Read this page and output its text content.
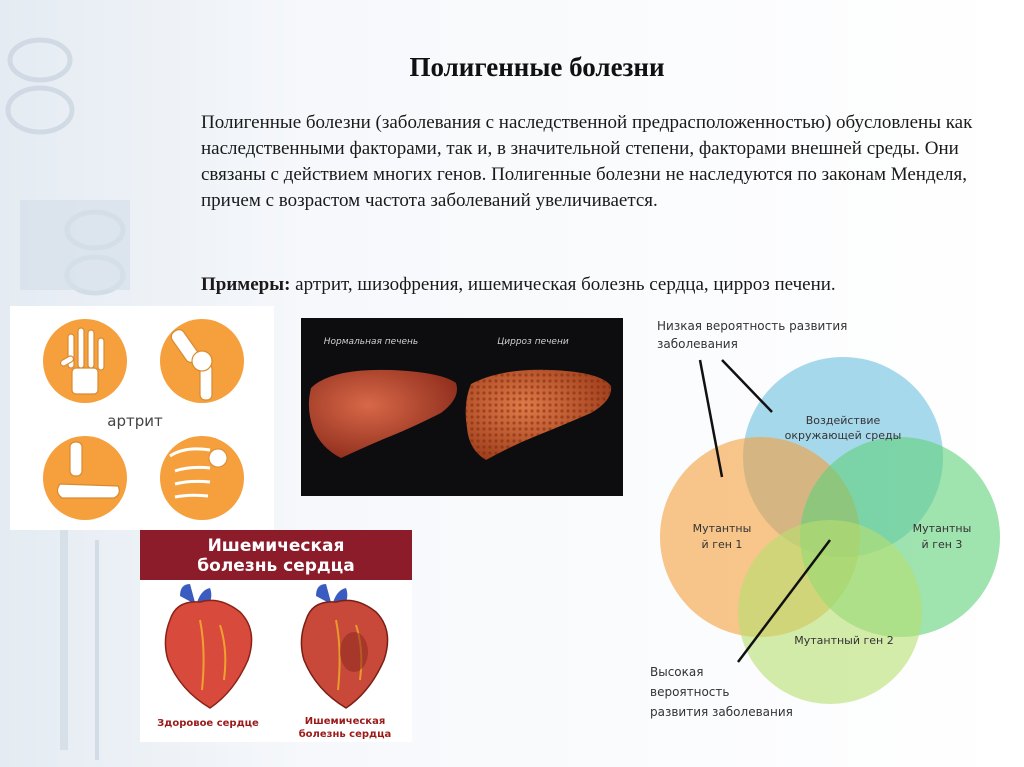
Полигенные болезни
Полигенные болезни (заболевания с наследственной предрасположенностью) обусловлены как наследственными факторами, так и, в значительной степени, факторами внешней среды. Они связаны с действием многих генов. Полигенные болезни не наследуются по законам Менделя, причем с возрастом частота заболеваний увеличивается.
Примеры: артрит, шизофрения, ишемическая болезнь сердца, цирроз печени.
артрит
Нормальная печень	Цирроз печени
Ишемическая
болезнь сердца
Здоровое сердце	Ишемическая
болезнь сердца
Низкая вероятность развития
заболевания
Воздействие
окружающей среды
Мутантны
й ген 1
Мутантны
й ген 3
Мутантный ген 2
Высокая
вероятность
развития заболевания
